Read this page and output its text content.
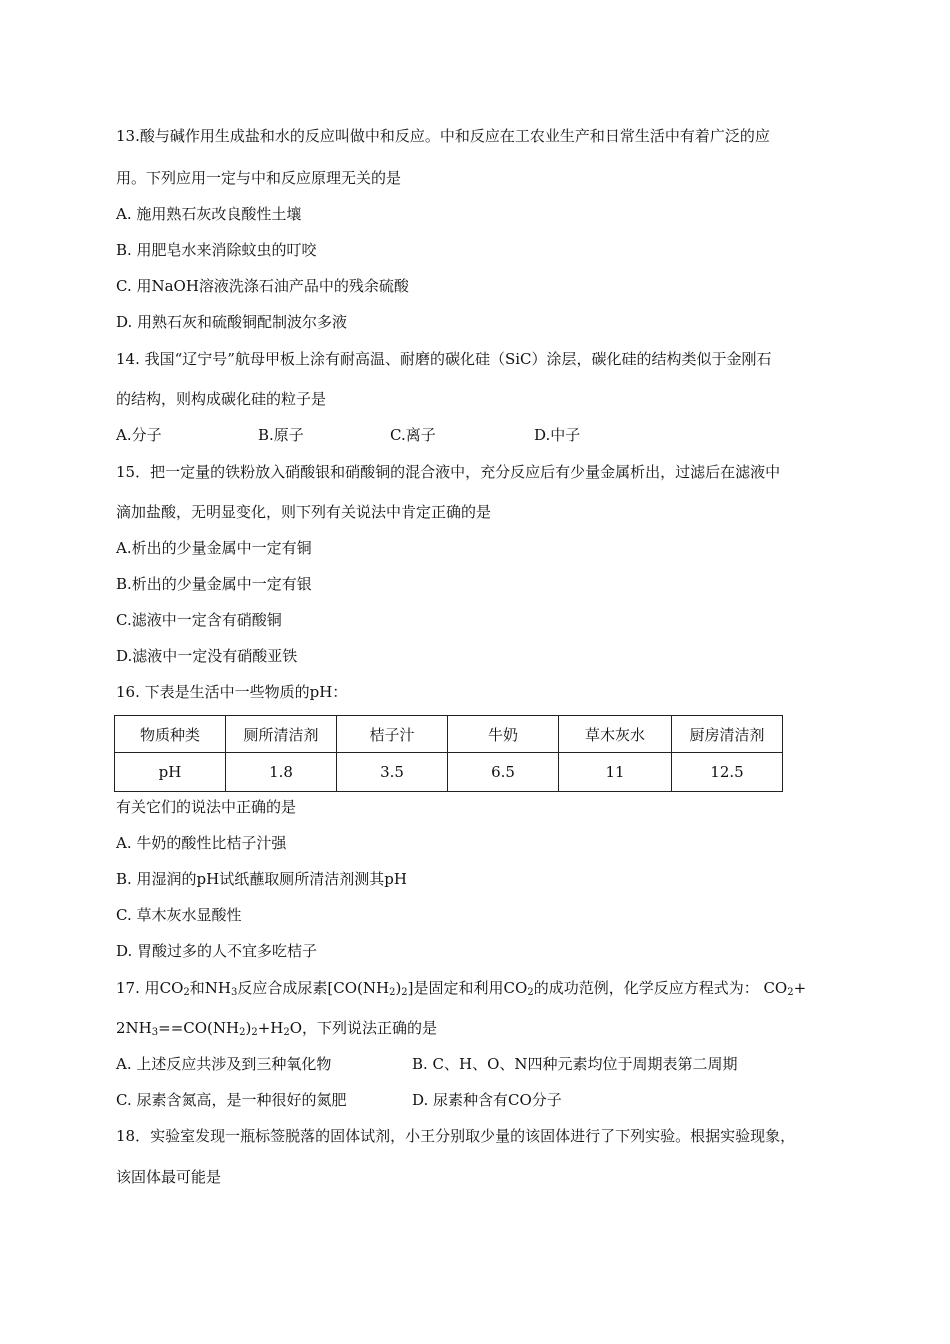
13.酸与碱作用生成盐和水的反应叫做中和反应。中和反应在工农业生产和日常生活中有着广泛的应
用。下列应用一定与中和反应原理无关的是
A. 施用熟石灰改良酸性土壤
B. 用肥皂水来消除蚊虫的叮咬
C. 用NaOH溶液洗涤石油产品中的残余硫酸
D. 用熟石灰和硫酸铜配制波尔多液
14. 我国“辽宁号”航母甲板上涂有耐高温、耐磨的碳化硅（SiC）涂层，碳化硅的结构类似于金刚石
的结构，则构成碳化硅的粒子是
A.分子	B.原子	C.离子	D.中子
15．把一定量的铁粉放入硝酸银和硝酸铜的混合液中，充分反应后有少量金属析出，过滤后在滤液中
滴加盐酸，无明显变化，则下列有关说法中肯定正确的是
A.析出的少量金属中一定有铜
B.析出的少量金属中一定有银
C.滤液中一定含有硝酸铜
D.滤液中一定没有硝酸亚铁
16. 下表是生活中一些物质的pH：
物质种类	厕所清洁剂	桔子汁	牛奶	草木灰水	厨房清洁剂
pH	1.8	3.5	6.5	11	12.5
有关它们的说法中正确的是
A. 牛奶的酸性比桔子汁强
B. 用湿润的pH试纸蘸取厕所清洁剂测其pH
C. 草木灰水显酸性
D. 胃酸过多的人不宜多吃桔子
17. 用$CO_2$和$NH_3$反应合成尿素$[CO(NH_2)_2]$是固定和利用$CO_2$的成功范例，化学反应方程式为： $CO_2+$
$2NH_3==CO(NH_2)_2+H_2O$，下列说法正确的是
A. 上述反应共涉及到三种氧化物	B. C、H、O、N四种元素均位于周期表第二周期
C. 尿素含氮高，是一种很好的氮肥	D. 尿素种含有CO分子
18．实验室发现一瓶标签脱落的固体试剂，小王分别取少量的该固体进行了下列实验。根据实验现象，
该固体最可能是
